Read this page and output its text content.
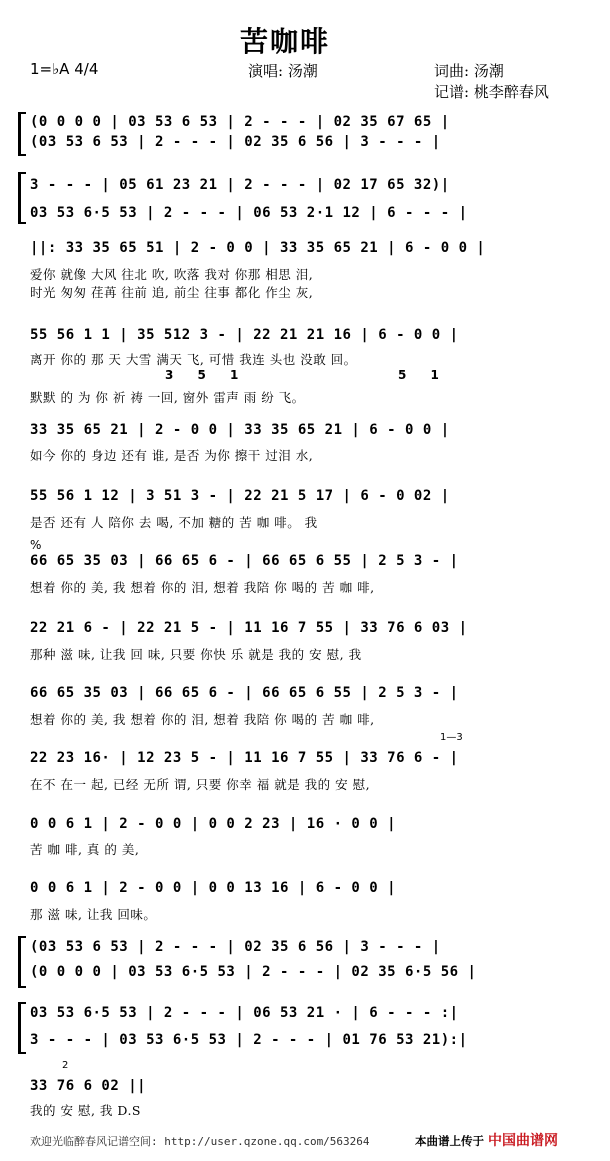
苦咖啡
1=♭A 4/4	演唱: 汤潮	词曲: 汤潮
记谱: 桃李醉春风
(0 0 0 0 | 03 53 6 53 | 2 - - - | 02 35 67 65 |
(03 53 6 53 | 2 - - - | 02 35 6 56 | 3 - - - |
3 - - - | 05 61 23 21 | 2 - - - | 02 17 65 32)|
03 53 6·5 53 | 2 - - - | 06 53 2·1 12 | 6 - - - |
||: 33 35 65 51 | 2 - 0 0 | 33 35 65 21 | 6 - 0 0 |
爱你 就像 大风 往北 吹, 吹落 我对 你那 相思 泪,
时光 匆匆 荏苒 往前 追, 前尘 往事 都化 作尘 灰,
55 56 1 1 | 35 512 3 - | 22 21 21 16 | 6 - 0 0 |
离开 你的 那 天 大雪 满天 飞, 可惜 我连 头也 没敢 回。
3 5 1	5 1
默默 的 为 你 祈 祷 一回, 窗外 雷声 雨 纷 飞。
33 35 65 21 | 2 - 0 0 | 33 35 65 21 | 6 - 0 0 |
如今 你的 身边 还有 谁, 是否 为你 擦干 过泪 水,
55 56 1 12 | 3 51 3 - | 22 21 5 17 | 6 - 0 02 |
是否 还有 人 陪你 去 喝, 不加 糖的 苦 咖 啡。 我
%
66 65 35 03 | 66 65 6 - | 66 65 6 55 | 2 5 3 - |
想着 你的 美, 我 想着 你的 泪, 想着 我陪 你 喝的 苦 咖 啡,
22 21 6 - | 22 21 5 - | 11 16 7 55 | 33 76 6 03 |
那种 滋 味, 让我 回 味, 只要 你快 乐 就是 我的 安 慰, 我
66 65 35 03 | 66 65 6 - | 66 65 6 55 | 2 5 3 - |
想着 你的 美, 我 想着 你的 泪, 想着 我陪 你 喝的 苦 咖 啡,
1—3
22 23 16· | 12 23 5 - | 11 16 7 55 | 33 76 6 - |
在不 在一 起, 已经 无所 谓, 只要 你幸 福 就是 我的 安 慰,
0 0 6 1 | 2 - 0 0 | 0 0 2 23 | 16 · 0 0 |
苦 咖 啡, 真 的 美,
0 0 6 1 | 2 - 0 0 | 0 0 13 16 | 6 - 0 0 |
那 滋 味, 让我 回味。
(03 53 6 53 | 2 - - - | 02 35 6 56 | 3 - - - |
(0 0 0 0 | 03 53 6·5 53 | 2 - - - | 02 35 6·5 56 |
03 53 6·5 53 | 2 - - - | 06 53 21 · | 6 - - - :|
3 - - - | 03 53 6·5 53 | 2 - - - | 01 76 53 21):|
2
33 76 6 02 ||
我的 安 慰, 我 D.S
欢迎光临醉春风记谱空间: http://user.qzone.qq.com/563264	本曲谱上传于 中国曲谱网
